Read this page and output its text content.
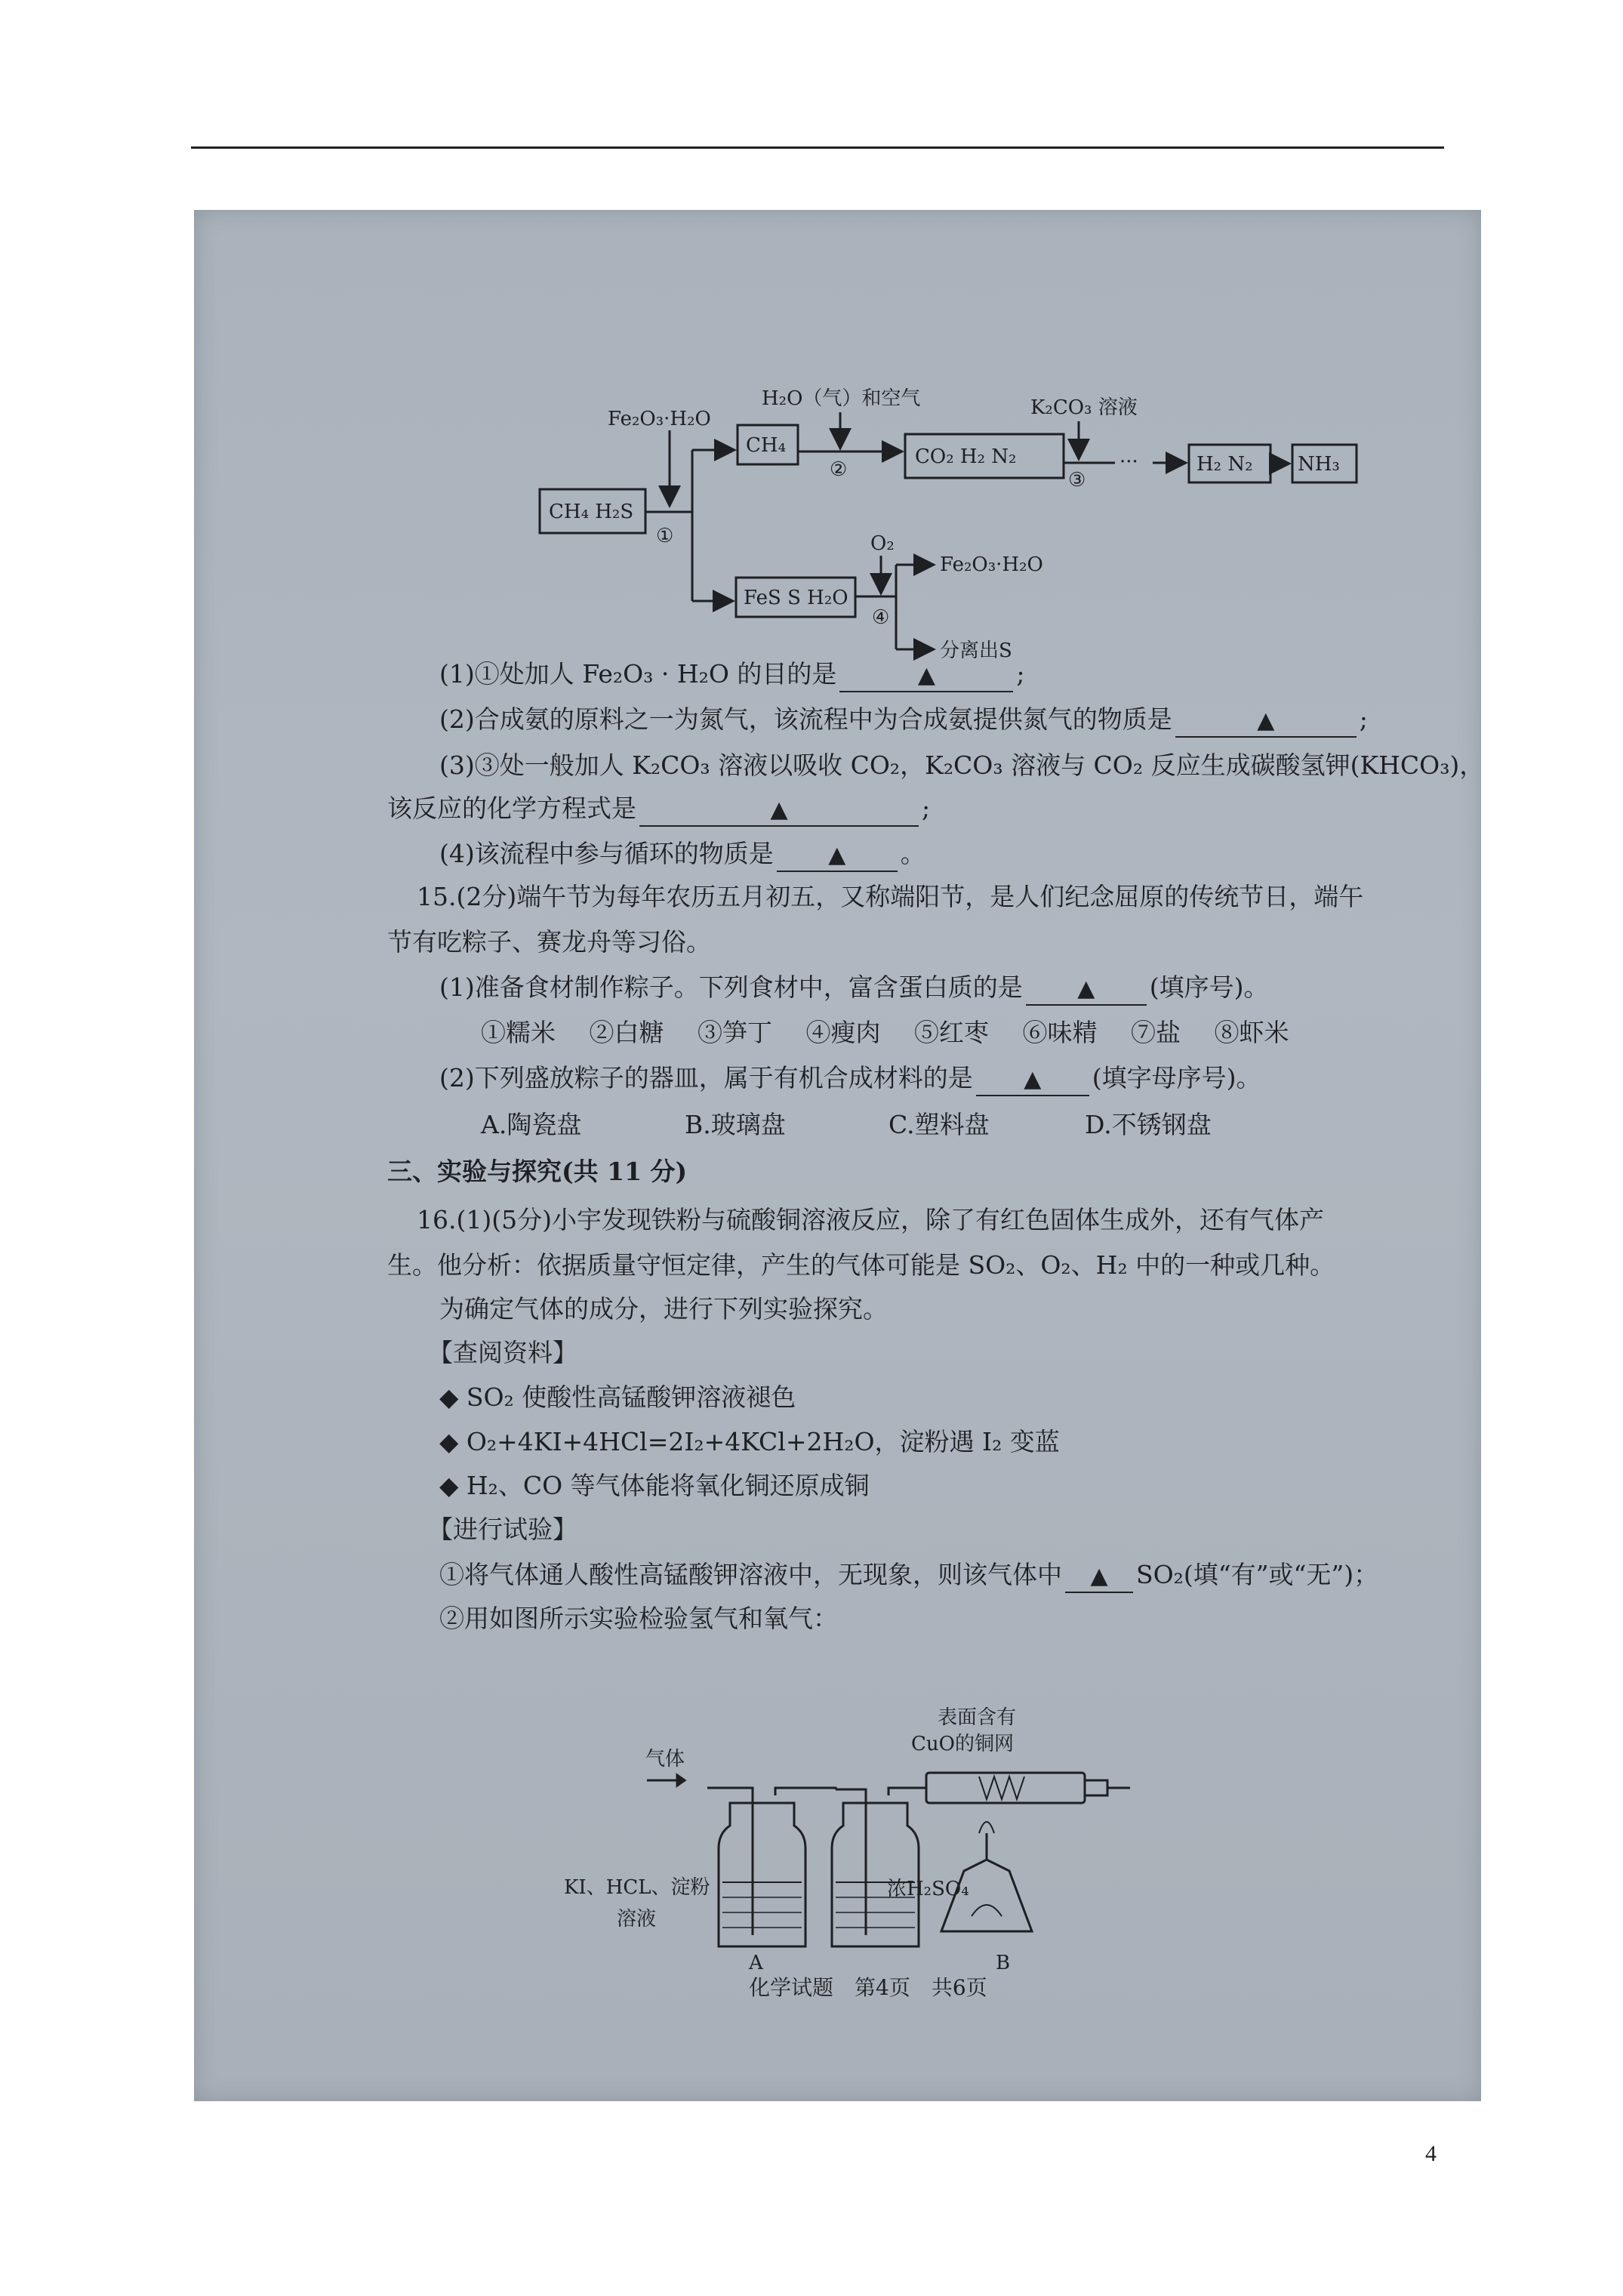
CH₄ H₂S
Fe₂O₃·H₂O
CH₄
H₂O（气）和空气
CO₂ H₂ N₂
K₂CO₃ 溶液
···	H₂ N₂ NH₃
O₂
FeS S H₂O
Fe₂O₃·H₂O
分离出S
①
②	③
④
(1)①处加人 Fe₂O₃ · H₂O 的目的是	▲	;
(2)合成氨的原料之一为氮气，该流程中为合成氨提供氮气的物质是	▲	;
(3)③处一般加人 K₂CO₃ 溶液以吸收 CO₂，K₂CO₃ 溶液与 CO₂ 反应生成碳酸氢钾(KHCO₃)，
该反应的化学方程式是	▲	;
(4)该流程中参与循环的物质是 ▲ 。
15.(2分)端午节为每年农历五月初五，又称端阳节，是人们纪念屈原的传统节日，端午
节有吃粽子、赛龙舟等习俗。
(1)准备食材制作粽子。下列食材中，富含蛋白质的是 ▲ (填序号)。
①糯米 ②白糖 ③笋丁 ④瘦肉 ⑤红枣 ⑥味精 ⑦盐 ⑧虾米
(2)下列盛放粽子的器皿，属于有机合成材料的是 ▲ (填字母序号)。
A.陶瓷盘	B.玻璃盘	C.塑料盘	D.不锈钢盘
三、实验与探究(共 11 分)
16.(1)(5分)小宇发现铁粉与硫酸铜溶液反应，除了有红色固体生成外，还有气体产
生。他分析：依据质量守恒定律，产生的气体可能是 SO₂、O₂、H₂ 中的一种或几种。
为确定气体的成分，进行下列实验探究。
【查阅资料】
◆ SO₂ 使酸性高锰酸钾溶液褪色
◆ O₂+4KI+4HCl=2I₂+4KCl+2H₂O，淀粉遇 I₂ 变蓝
◆ H₂、CO 等气体能将氧化铜还原成铜
【进行试验】
①将气体通人酸性高锰酸钾溶液中，无现象，则该气体中 ▲ SO₂(填“有”或“无”)；
②用如图所示实验检验氢气和氧气：
气体
表面含有
CuO的铜网
KI、HCL、淀粉
溶液
浓H₂SO₄
A	B
化学试题　第4页　共6页
4
